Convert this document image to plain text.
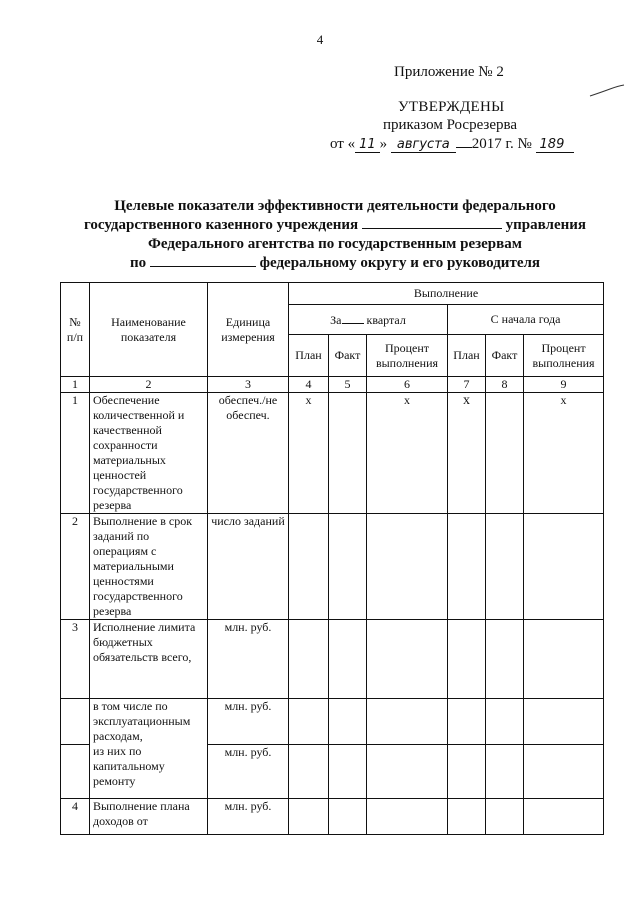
4
Приложение № 2
УТВЕРЖДЕНЫ
приказом Росрезерва
от « 11 » августа 2017 г. № 189
Целевые показатели эффективности деятельности федерального
государственного казенного учреждения	управления
Федерального агентства по государственным резервам
по	федеральному округу и его руководителя
№ п/п	Наименование показателя	Единица измерения	Выполнение					
			За квартал			С начала года		
			План	Факт	Процент выполнения	План	Факт	Процент выполнения
1	2	3	4	5	6	7	8	9
1	Обеспечение количественной и качественной сохранности материальных ценностей государственного резерва	обеспеч./не обеспеч.	х		х	х		х
2	Выполнение в срок заданий по операциям с материальными ценностями государственного резерва	число заданий						
3	Исполнение лимита бюджетных обязательств всего,	млн. руб.						
	в том числе по эксплуатационным расходам,	млн. руб.						
	из них по капитальному ремонту	млн. руб.						
4	Выполнение плана доходов от	млн. руб.						
